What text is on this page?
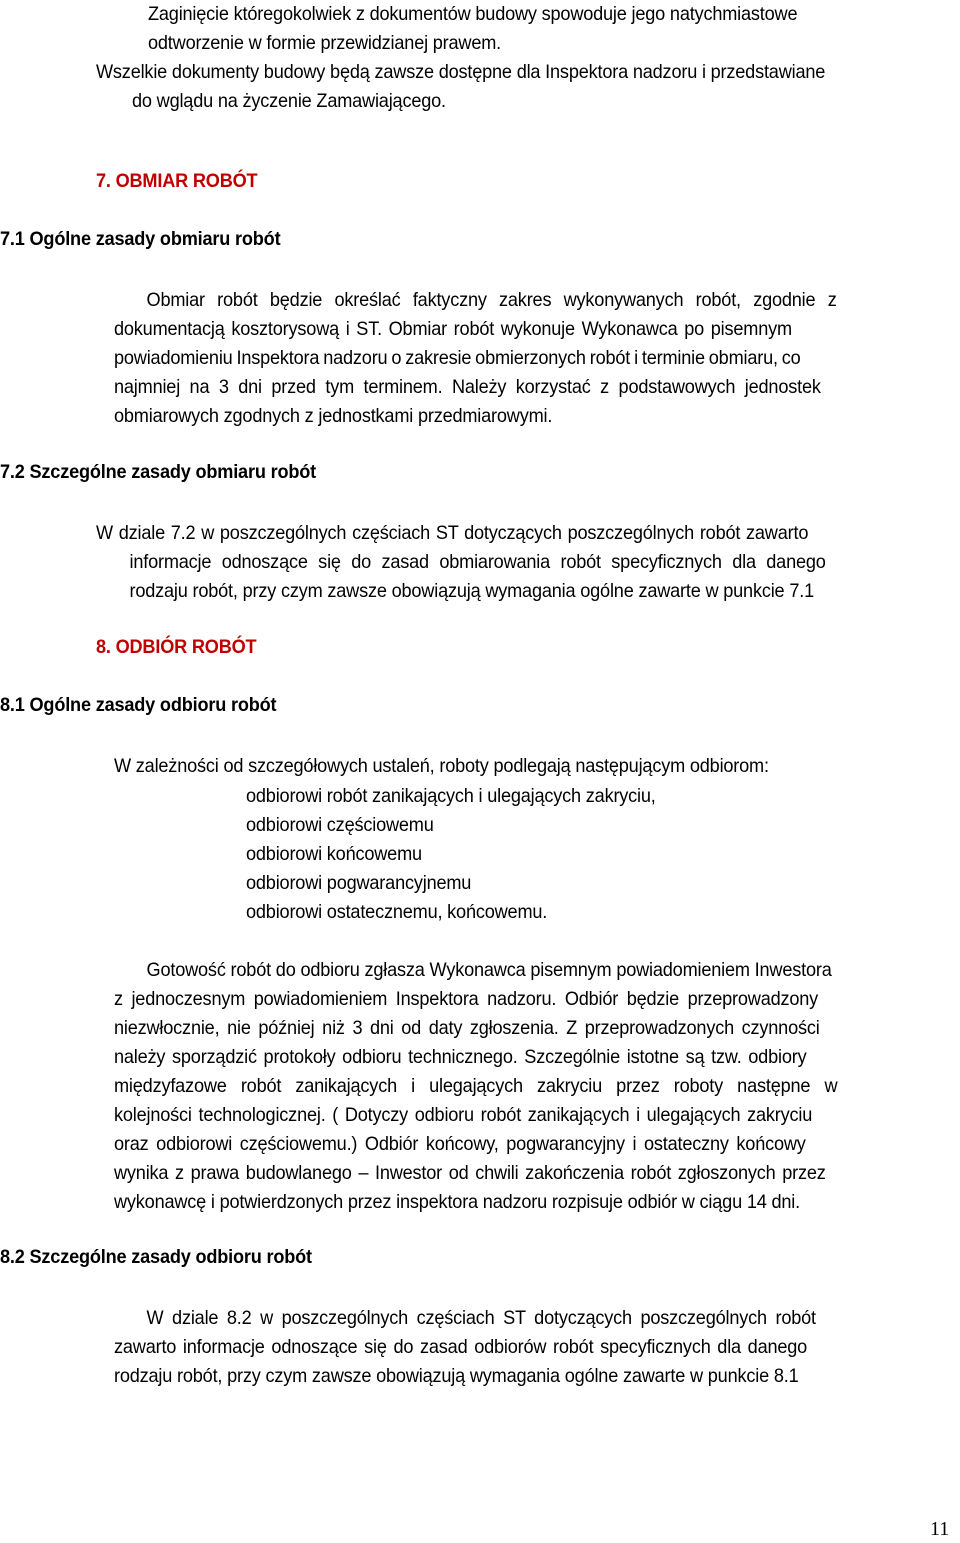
Zaginięcie któregokolwiek z dokumentów budowy spowoduje jego natychmiastowe
odtworzenie w formie przewidzianej prawem.
Wszelkie dokumenty budowy będą zawsze dostępne dla Inspektora nadzoru i przedstawiane
do wglądu na życzenie Zamawiającego.
7. OBMIAR ROBÓT
7.1 Ogólne zasady obmiaru robót
Obmiar robót będzie określać faktyczny zakres wykonywanych robót, zgodnie z
dokumentacją kosztorysową i ST. Obmiar robót wykonuje Wykonawca po pisemnym
powiadomieniu Inspektora nadzoru o zakresie obmierzonych robót i terminie obmiaru, co
najmniej na 3 dni przed tym terminem. Należy korzystać z podstawowych jednostek
obmiarowych zgodnych z jednostkami przedmiarowymi.
7.2 Szczególne zasady obmiaru robót
W dziale 7.2 w poszczególnych częściach ST dotyczących poszczególnych robót zawarto
informacje odnoszące się do zasad obmiarowania robót specyficznych dla danego
rodzaju robót, przy czym zawsze obowiązują wymagania ogólne zawarte w punkcie 7.1
8. ODBIÓR ROBÓT
8.1 Ogólne zasady odbioru robót
W zależności od szczegółowych ustaleń, roboty podlegają następującym odbiorom:
odbiorowi robót zanikających i ulegających zakryciu,
odbiorowi częściowemu
odbiorowi końcowemu
odbiorowi pogwarancyjnemu
odbiorowi ostatecznemu, końcowemu.
Gotowość robót do odbioru zgłasza Wykonawca pisemnym powiadomieniem Inwestora
z jednoczesnym powiadomieniem Inspektora nadzoru. Odbiór będzie przeprowadzony
niezwłocznie, nie później niż 3 dni od daty zgłoszenia. Z przeprowadzonych czynności
należy sporządzić protokoły odbioru technicznego. Szczególnie istotne są tzw. odbiory
międzyfazowe robót zanikających i ulegających zakryciu przez roboty następne w
kolejności technologicznej. ( Dotyczy odbioru robót zanikających i ulegających zakryciu
oraz odbiorowi częściowemu.) Odbiór końcowy, pogwarancyjny i ostateczny końcowy
wynika z prawa budowlanego – Inwestor od chwili zakończenia robót zgłoszonych przez
wykonawcę i potwierdzonych przez inspektora nadzoru rozpisuje odbiór w ciągu 14 dni.
8.2 Szczególne zasady odbioru robót
W dziale 8.2 w poszczególnych częściach ST dotyczących poszczególnych robót
zawarto informacje odnoszące się do zasad odbiorów robót specyficznych dla danego
rodzaju robót, przy czym zawsze obowiązują wymagania ogólne zawarte w punkcie 8.1
11
